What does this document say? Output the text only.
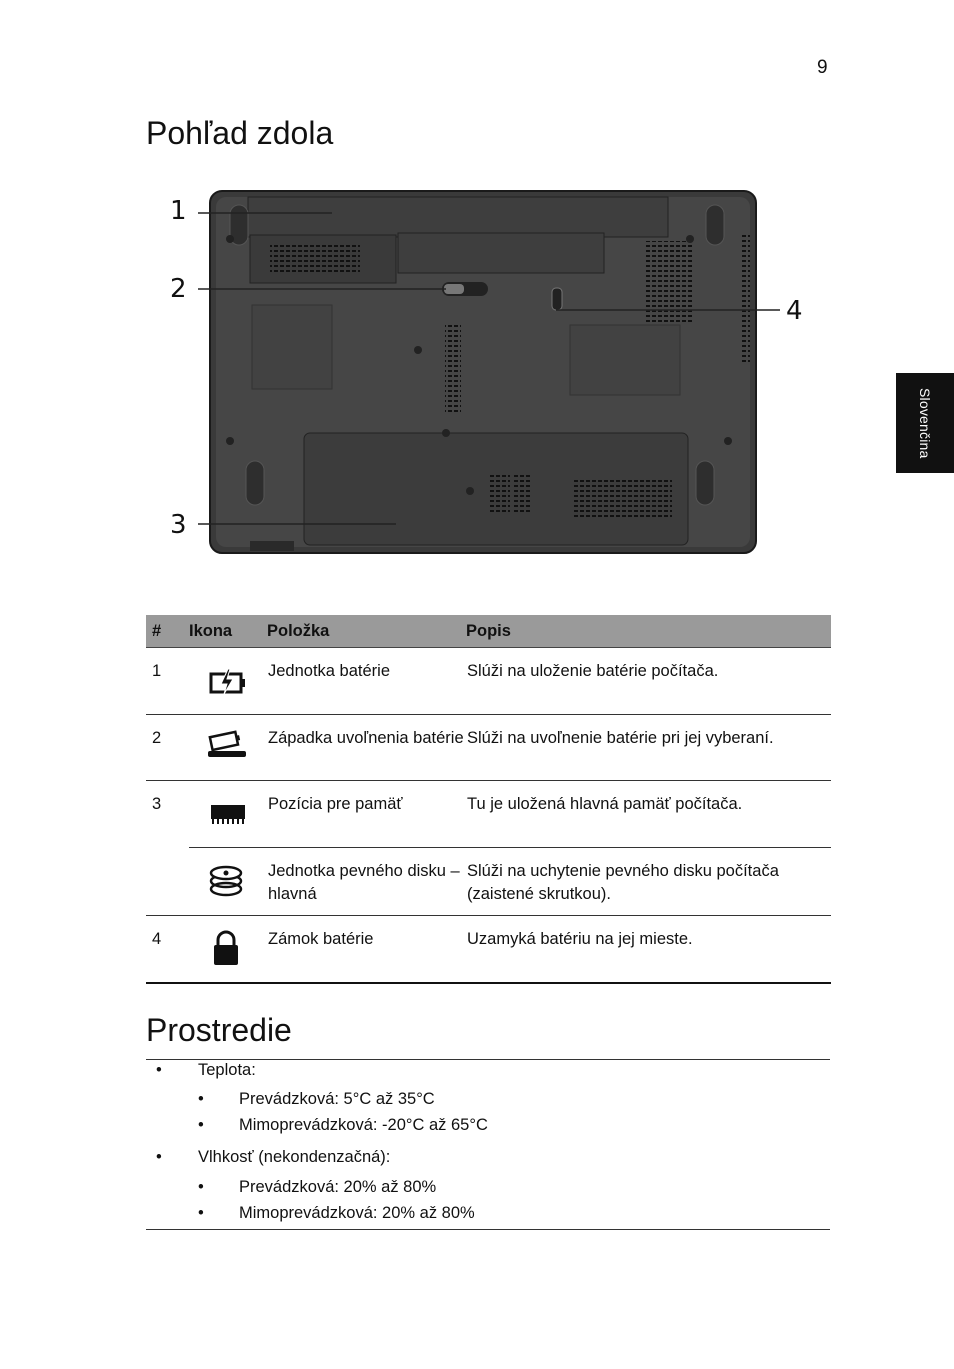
9
Slovenčina
Pohľad zdola
1
2
3
4
#	Ikona	Položka	Popis
1		Jednotka batérie	Slúži na uloženie batérie počítača.
2		Západka uvoľnenia batérie	Slúži na uvoľnenie batérie pri jej vyberaní.
3		Pozícia pre pamäť	Tu je uložená hlavná pamäť počítača.
		Jednotka pevného disku – hlavná	Slúži na uchytenie pevného disku počítača (zaistené skrutkou).
4		Zámok batérie	Uzamyká batériu na jej mieste.
Prostredie
• Teplota:
• Prevádzková: 5°C až 35°C
• Mimoprevádzková: -20°C až 65°C
• Vlhkosť (nekondenzačná):
• Prevádzková: 20% až 80%
• Mimoprevádzková: 20% až 80%
